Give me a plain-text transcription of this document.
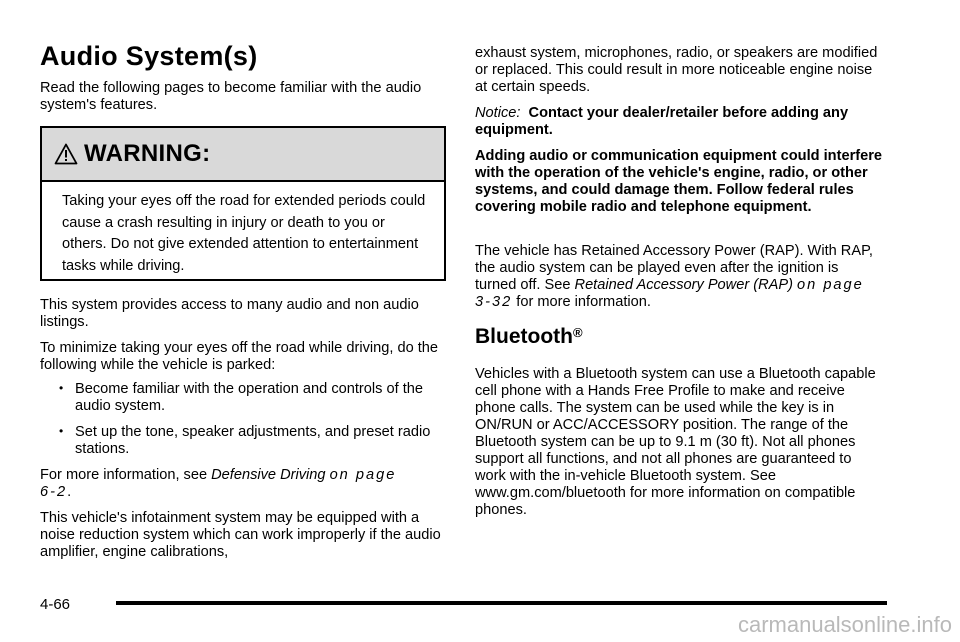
Audio System(s)

Read the following pages to become familiar with the audio system's features.

WARNING:
Taking your eyes off the road for extended periods could cause a crash resulting in injury or death to you or others. Do not give extended attention to entertainment tasks while driving.

This system provides access to many audio and non audio listings.

To minimize taking your eyes off the road while driving, do the following while the vehicle is parked:

• Become familiar with the operation and controls of the audio system.

• Set up the tone, speaker adjustments, and preset radio stations.

For more information, see Defensive Driving on page 6-2.

This vehicle's infotainment system may be equipped with a noise reduction system which can work improperly if the audio amplifier, engine calibrations,

exhaust system, microphones, radio, or speakers are modified or replaced. This could result in more noticeable engine noise at certain speeds.

Notice: Contact your dealer/retailer before adding any equipment.

Adding audio or communication equipment could interfere with the operation of the vehicle's engine, radio, or other systems, and could damage them. Follow federal rules covering mobile radio and telephone equipment.

The vehicle has Retained Accessory Power (RAP). With RAP, the audio system can be played even after the ignition is turned off. See Retained Accessory Power (RAP) on page 3-32 for more information.

Bluetooth®

Vehicles with a Bluetooth system can use a Bluetooth capable cell phone with a Hands Free Profile to make and receive phone calls. The system can be used while the key is in ON/RUN or ACC/ACCESSORY position. The range of the Bluetooth system can be up to 9.1 m (30 ft). Not all phones support all functions, and not all phones are guaranteed to work with the in-vehicle Bluetooth system. See www.gm.com/bluetooth for more information on compatible phones.

4-66
carmanualsonline.info
